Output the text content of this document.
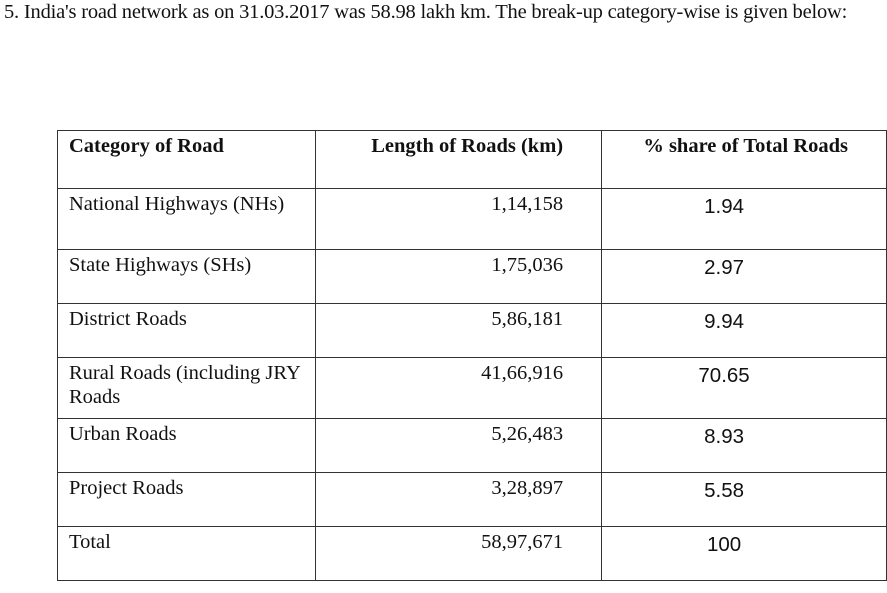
5. India's road network as on 31.03.2017 was 58.98 lakh km. The break-up category-wise is given below:
Category of Road	Length of Roads (km)	% share of Total Roads
National Highways (NHs)	1,14,158	1.94
State Highways (SHs)	1,75,036	2.97
District Roads	5,86,181	9.94
Rural Roads (including JRY Roads	41,66,916	70.65
Urban Roads	5,26,483	8.93
Project Roads	3,28,897	5.58
Total	58,97,671	100
